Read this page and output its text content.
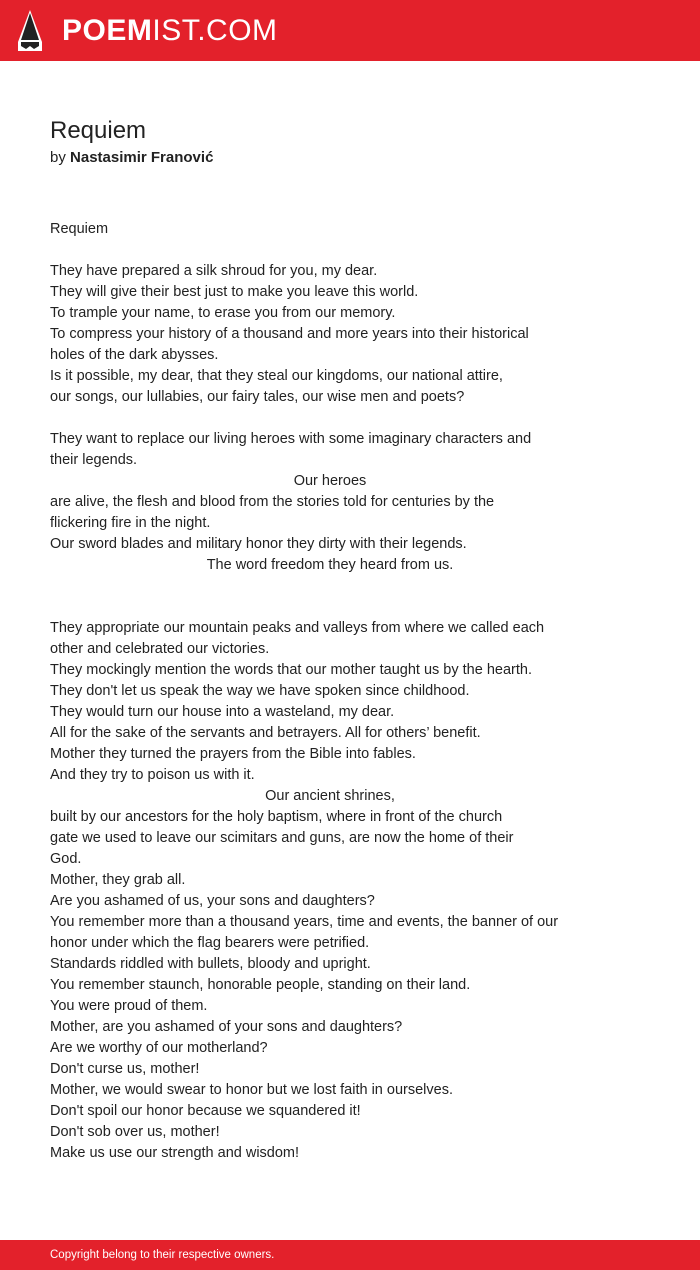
POEMIST.COM
Requiem
by Nastasimir Franović
Requiem
They have prepared a silk shroud for you, my dear.
They will give their best just to make you leave this world.
To trample your name, to erase you from our memory.
To compress your history of a thousand and more years into their historical
holes of the dark abysses.
Is it possible, my dear, that they steal our kingdoms, our national attire,
our songs, our lullabies, our fairy tales, our wise men and poets?
They want to replace our living heroes with some imaginary characters and
their legends.
Our heroes
are alive, the flesh and blood from the stories told for centuries by the
flickering fire in the night.
Our sword blades and military honor they dirty with their legends.
The word freedom they heard from us.
They appropriate our mountain peaks and valleys from where we called each
other and celebrated our victories.
They mockingly mention the words that our mother taught us by the hearth.
They don't let us speak the way we have spoken since childhood.
They would turn our house into a wasteland, my dear.
All for the sake of the servants and betrayers. All for others’ benefit.
Mother they turned the prayers from the Bible into fables.
And they try to poison us with it.
Our ancient shrines,
built by our ancestors for the holy baptism, where in front of the church
gate we used to leave our scimitars and guns, are now the home of their
God.
Mother, they grab all.
Are you ashamed of us, your sons and daughters?
You remember more than a thousand years, time and events, the banner of our
honor under which the flag bearers were petrified.
Standards riddled with bullets, bloody and upright.
You remember staunch, honorable people, standing on their land.
You were proud of them.
Mother, are you ashamed of your sons and daughters?
Are we worthy of our motherland?
Don't curse us, mother!
Mother, we would swear to honor but we lost faith in ourselves.
Don't spoil our honor because we squandered it!
Don't sob over us, mother!
Make us use our strength and wisdom!
Copyright belong to their respective owners.
